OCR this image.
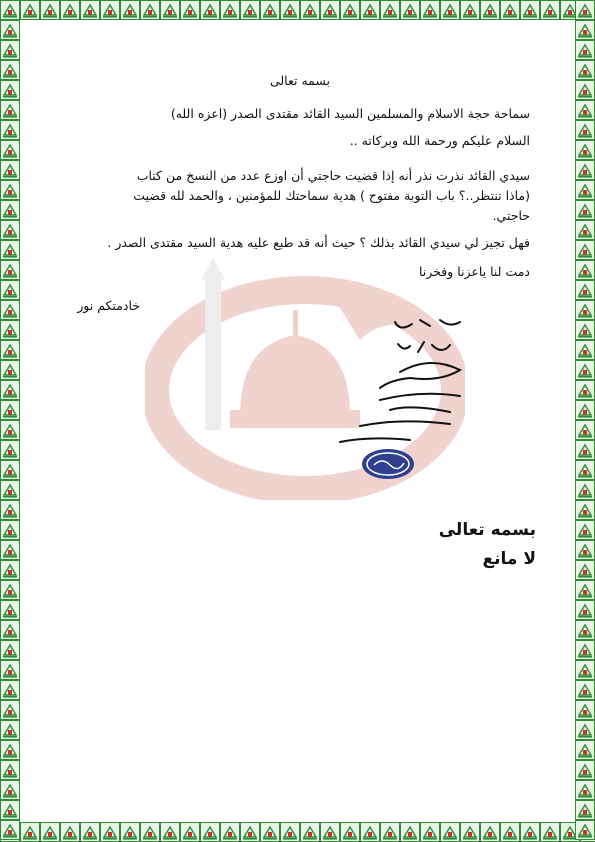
بسمه تعالى
سماحة حجة الاسلام والمسلمين السيد القائد مقتدى الصدر (اعزه الله)
السلام عليكم ورحمة الله وبركاته ..
سيدي القائد نذرت نذر أنه إذا قضيت حاجتي أن اوزع عدد من النسخ من كتاب
(ماذا تنتظر..؟ باب التوبة مفتوح ) هدية سماحتك للمؤمنين ، والحمد لله قضيت
حاجتي.
فهل تجيز لي سيدي القائد بذلك ؟ حيث أنه قد طبع عليه هدية السيد مقتدى الصدر .
دمت لنا ياعزنا وفخرنا
خادمتكم نور
بسمه تعالى
لا مانع
